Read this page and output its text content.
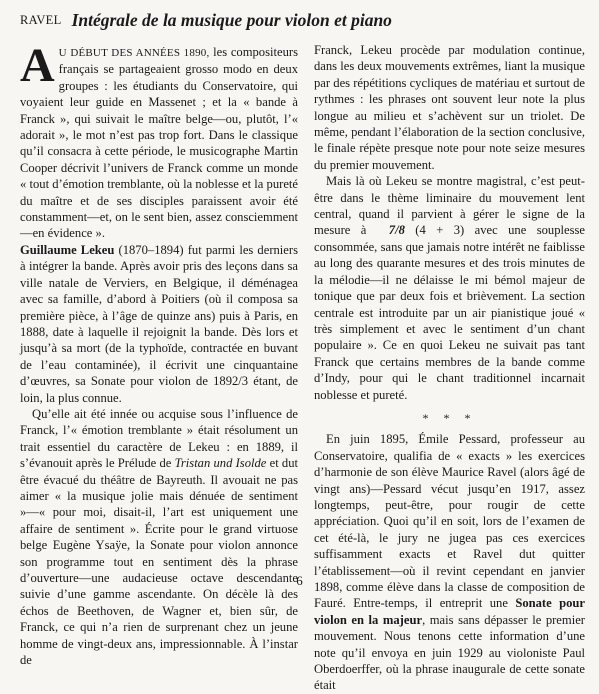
RAVEL Intégrale de la musique pour violon et piano

A U DÉBUT DES ANNÉES 1890, les compositeurs français se partageaient grosso modo en deux groupes : les étudiants du Conservatoire, qui voyaient leur guide en Massenet ; et la « bande à Franck », qui suivait le maître belge—ou, plutôt, l’« adorait », le mot n’est pas trop fort. Dans le classique qu’il consacra à cette période, le musicographe Martin Cooper décrivit l’univers de Franck comme un monde « tout d’émotion tremblante, où la noblesse et la pureté du maître et de ses disciples paraissent avoir été constamment—et, on le sent bien, assez consciemment—en évidence ».

Guillaume Lekeu (1870–1894) fut parmi les derniers à intégrer la bande. Après avoir pris des leçons dans sa ville natale de Verviers, en Belgique, il déménagea avec sa famille, d’abord à Poitiers (où il composa sa première pièce, à l’âge de quinze ans) puis à Paris, en 1888, date à laquelle il rejoignit la bande. Dès lors et jusqu’à sa mort (de la typhoïde, contractée en buvant de l’eau contaminée), il écrivit une cinquantaine d’œuvres, sa Sonate pour violon de 1892/3 étant, de loin, la plus connue.

Qu’elle ait été innée ou acquise sous l’influence de Franck, l’« émotion tremblante » était résolument un trait essentiel du caractère de Lekeu : en 1889, il s’évanouit après le Prélude de Tristan und Isolde et dut être évacué du théâtre de Bayreuth. Il avouait ne pas aimer « la musique jolie mais dénuée de sentiment »—« pour moi, disait-il, l’art est uniquement une affaire de sentiment ». Écrite pour le grand virtuose belge Eugène Ysaÿe, la Sonate pour violon annonce son programme tout en sentiment dès la phrase d’ouverture—une audacieuse octave descendante suivie d’une gamme ascendante. On décèle là des échos de Beethoven, de Wagner et, bien sûr, de Franck, ce qui n’a rien de surprenant chez un jeune homme de vingt-deux ans, impressionnable. À l’instar de

Franck, Lekeu procède par modulation continue, dans les deux mouvements extrêmes, liant la musique par des répétitions cycliques de matériau et surtout de rythmes : les phrases ont souvent leur note la plus longue au milieu et s’achèvent sur un triolet. De même, pendant l’élaboration de la section conclusive, le finale répète presque note pour note seize mesures du premier mouvement.

Mais là où Lekeu se montre magistral, c’est peut-être dans le thème liminaire du mouvement lent central, quand il parvient à gérer le signe de la mesure à 7/8 (4 + 3) avec une souplesse consommée, sans que jamais notre intérêt ne faiblisse au long des quarante mesures et des trois minutes de la mélodie—il ne délaisse le mi bémol majeur de tonique que par deux fois et brièvement. La section centrale est introduite par un air pianistique joué « très simplement et avec le sentiment d’un chant populaire ». Ce en quoi Lekeu ne suivait pas tant Franck que certains membres de la bande comme d’Indy, pour qui le chant traditionnel incarnait noblesse et pureté.

* * *

En juin 1895, Émile Pessard, professeur au Conservatoire, qualifia de « exacts » les exercices d’harmonie de son élève Maurice Ravel (alors âgé de vingt ans)—Pessard vécut jusqu’en 1917, assez longtemps, peut-être, pour rougir de cette appréciation. Quoi qu’il en soit, lors de l’examen de cet été-là, le jury ne jugea pas ces exercices suffisamment exacts et Ravel dut quitter l’établissement—où il revint cependant en janvier 1898, comme élève dans la classe de composition de Fauré. Entre-temps, il entreprit une Sonate pour violon en la majeur, mais sans dépasser le premier mouvement. Nous tenons cette information d’une note qu’il envoya en juin 1929 au violoniste Paul Oberdoerffer, où la phrase inaugurale de cette sonate était

6
